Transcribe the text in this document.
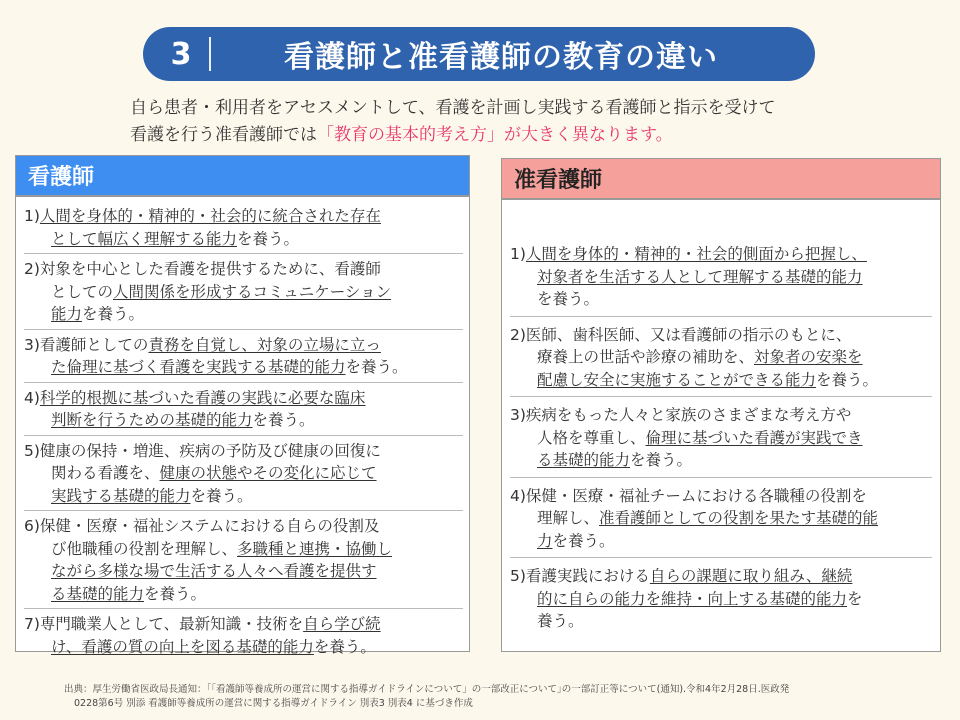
3	看護師と准看護師の教育の違い
自ら患者・利用者をアセスメントして、看護を計画し実践する看護師と指示を受けて
看護を行う准看護師では「教育の基本的考え方」が大きく異なります。
看護師
1)人間を身体的・精神的・社会的に統合された存在
として幅広く理解する能力を養う。
2)対象を中心とした看護を提供するために、看護師
としての人間関係を形成するコミュニケーション
能力を養う。
3)看護師としての責務を自覚し、対象の立場に立っ
た倫理に基づく看護を実践する基礎的能力を養う。
4)科学的根拠に基づいた看護の実践に必要な臨床
判断を行うための基礎的能力を養う。
5)健康の保持・増進、疾病の予防及び健康の回復に
関わる看護を、健康の状態やその変化に応じて
実践する基礎的能力を養う。
6)保健・医療・福祉システムにおける自らの役割及
び他職種の役割を理解し、多職種と連携・協働し
ながら多様な場で生活する人々へ看護を提供す
る基礎的能力を養う。
7)専門職業人として、最新知識・技術を自ら学び続
け、看護の質の向上を図る基礎的能力を養う。
准看護師
1)人間を身体的・精神的・社会的側面から把握し、
対象者を生活する人として理解する基礎的能力
を養う。
2)医師、歯科医師、又は看護師の指示のもとに、
療養上の世話や診療の補助を、対象者の安楽を
配慮し安全に実施することができる能力を養う。
3)疾病をもった人々と家族のさまざまな考え方や
人格を尊重し、倫理に基づいた看護が実践でき
る基礎的能力を養う。
4)保健・医療・福祉チームにおける各職種の役割を
理解し、准看護師としての役割を果たす基礎的能
力を養う。
5)看護実践における自らの課題に取り組み、継続
的に自らの能力を維持・向上する基礎的能力を
養う。
出典：厚生労働省医政局長通知：｢「看護師等養成所の運営に関する指導ガイドラインについて」の一部改正について｣の一部訂正等について(通知).令和4年2月28日.医政発
0228第6号 別添 看護師等養成所の運営に関する指導ガイドライン 別表3 別表4 に基づき作成
